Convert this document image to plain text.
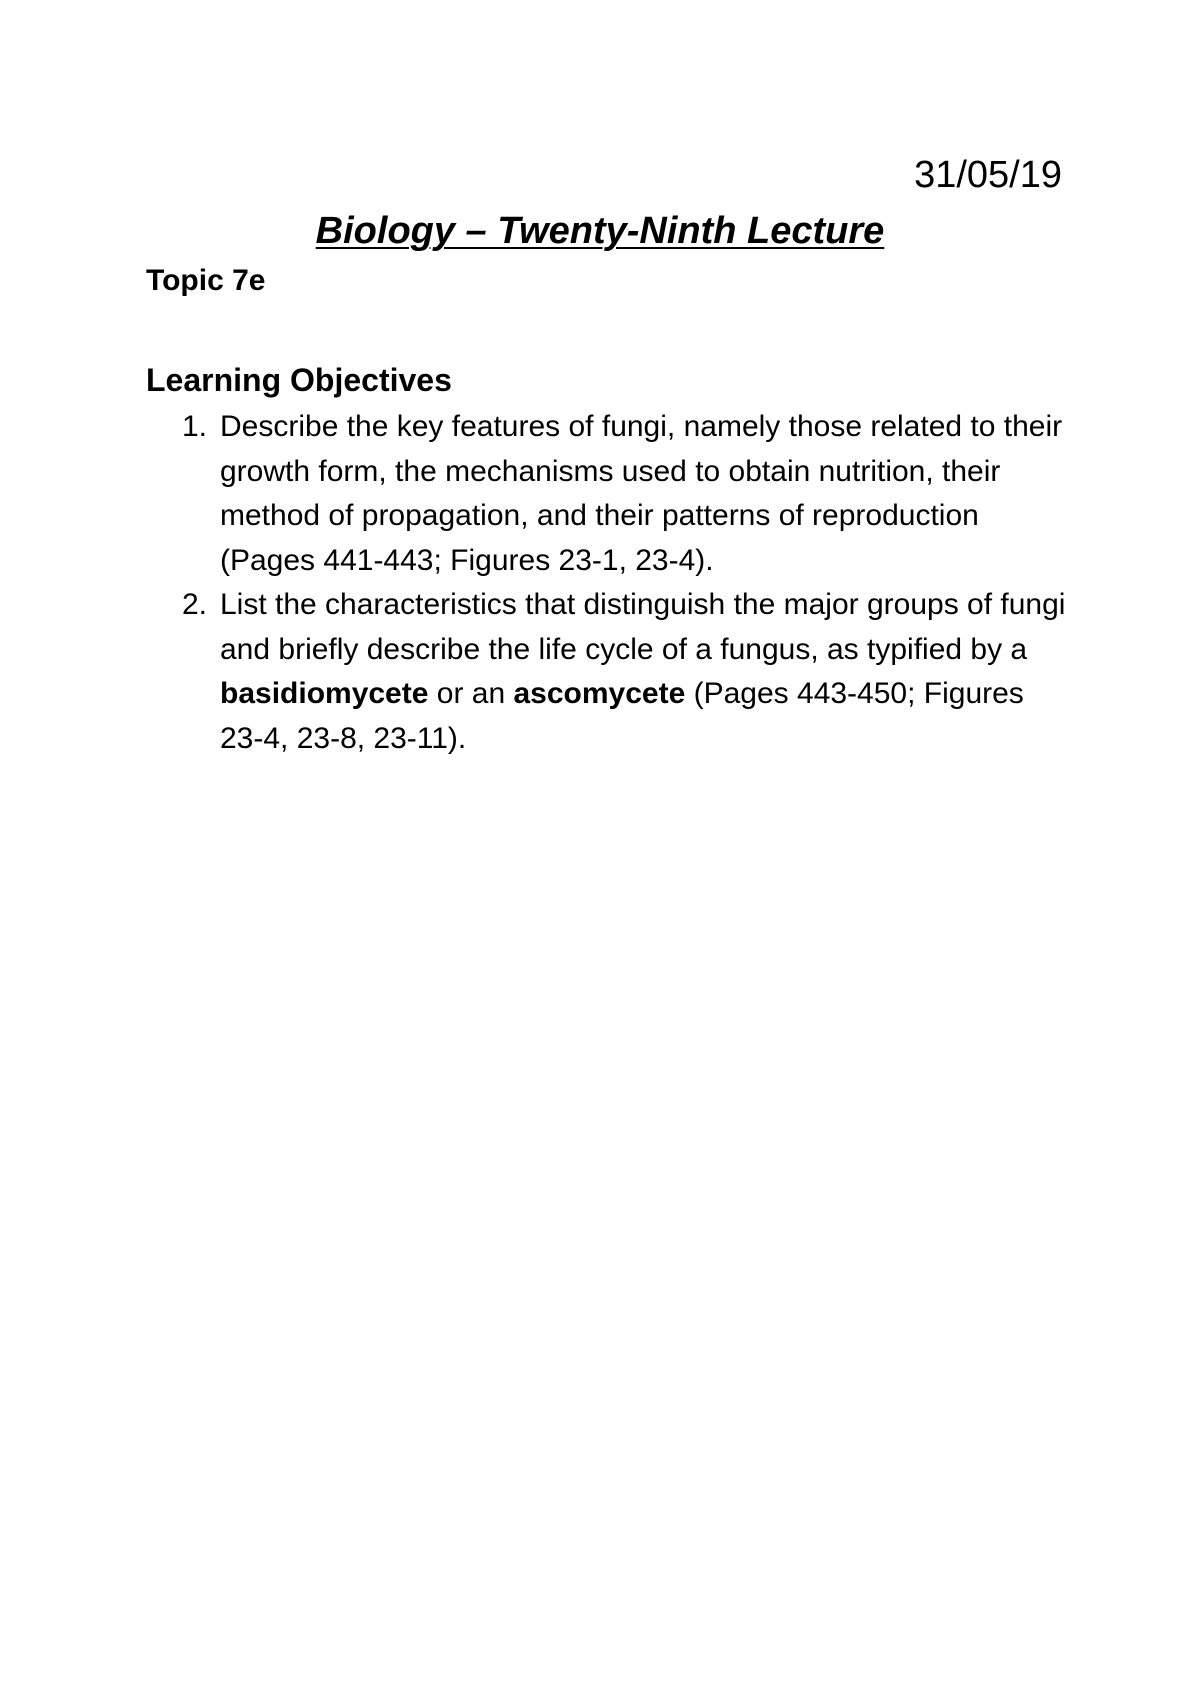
31/05/19
Biology – Twenty-Ninth Lecture
Topic 7e
Learning Objectives
1. Describe the key features of fungi, namely those related to their growth form, the mechanisms used to obtain nutrition, their method of propagation, and their patterns of reproduction (Pages 441-443; Figures 23-1, 23-4).
2. List the characteristics that distinguish the major groups of fungi and briefly describe the life cycle of a fungus, as typified by a basidiomycete or an ascomycete (Pages 443-450; Figures 23-4, 23-8, 23-11).
